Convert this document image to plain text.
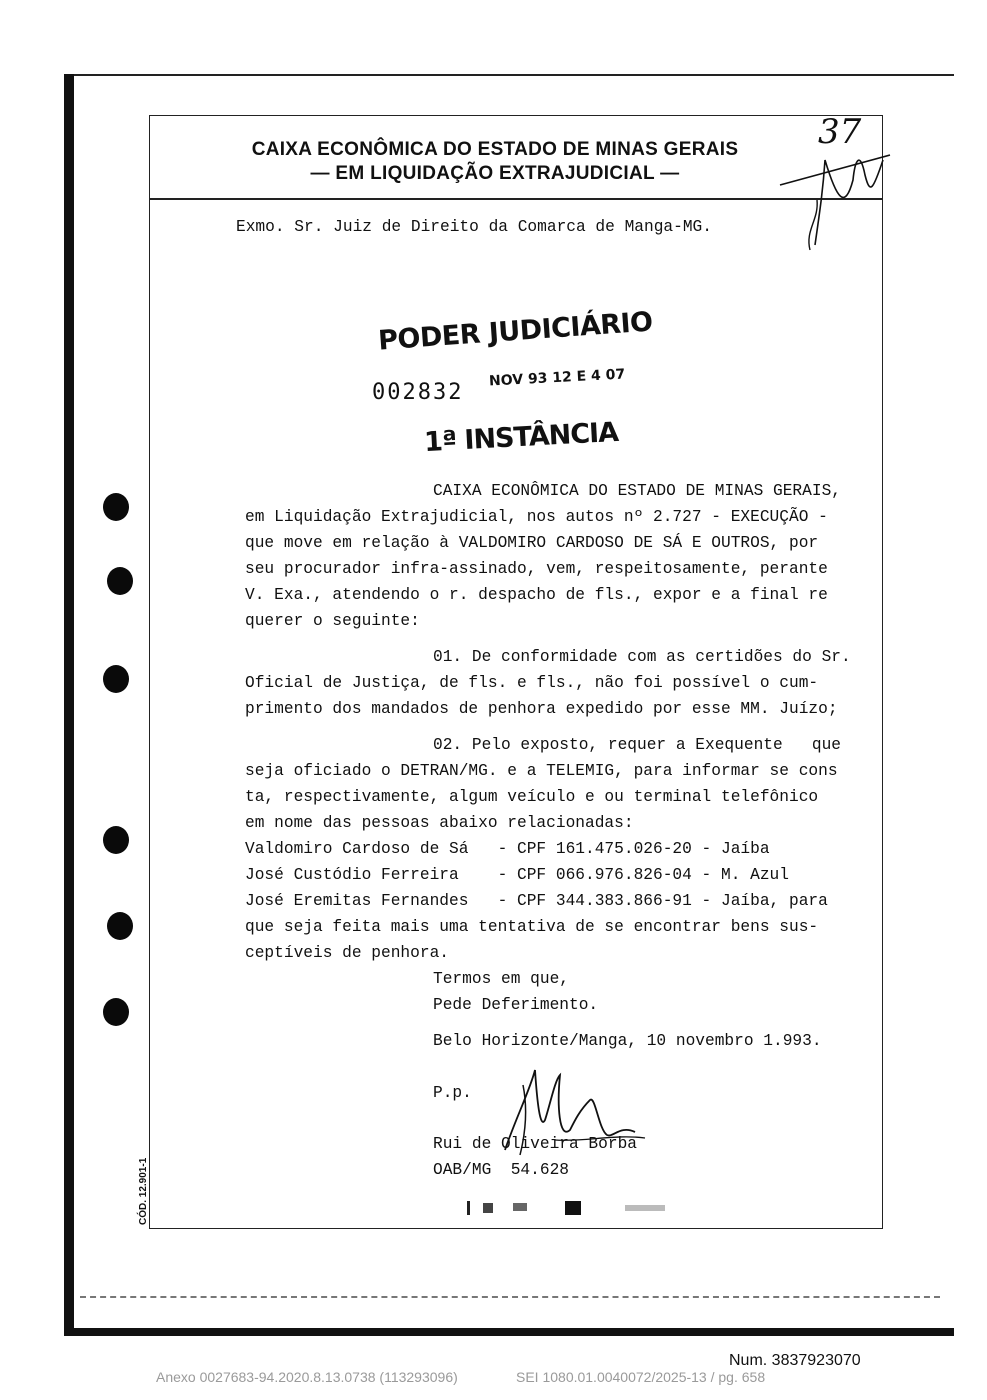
CAIXA ECONÔMICA DO ESTADO DE MINAS GERAIS
— EM LIQUIDAÇÃO EXTRAJUDICIAL —
37
Exmo. Sr. Juiz de Direito da Comarca de Manga-MG.
PODER JUDICIÁRIO
002832
NOV 93 12 E 4 07
1ª INSTÂNCIA
CAIXA ECONÔMICA DO ESTADO DE MINAS GERAIS,
em Liquidação Extrajudicial, nos autos nº 2.727 - EXECUÇÃO -
que move em relação à VALDOMIRO CARDOSO DE SÁ E OUTROS, por
seu procurador infra-assinado, vem, respeitosamente, perante
V. Exa., atendendo o r. despacho de fls., expor e a final re
querer o seguinte:
01. De conformidade com as certidões do Sr.
Oficial de Justiça, de fls. e fls., não foi possível o cum-
primento dos mandados de penhora expedido por esse MM. Juízo;
02. Pelo exposto, requer a Exequente   que
seja oficiado o DETRAN/MG. e a TELEMIG, para informar se cons
ta, respectivamente, algum veículo e ou terminal telefônico
em nome das pessoas abaixo relacionadas:
Valdomiro Cardoso de Sá   - CPF 161.475.026-20 - Jaíba
José Custódio Ferreira    - CPF 066.976.826-04 - M. Azul
José Eremitas Fernandes   - CPF 344.383.866-91 - Jaíba, para
que seja feita mais uma tentativa de se encontrar bens sus-
ceptíveis de penhora.
Termos em que,
Pede Deferimento.
Belo Horizonte/Manga, 10 novembro 1.993.
P.p.
Rui de Oliveira Borba
OAB/MG  54.628
CÓD. 12.901-1
Num. 3837923070
Anexo 0027683-94.2020.8.13.0738 (113293096)	SEI 1080.01.0040072/2025-13 / pg. 658
